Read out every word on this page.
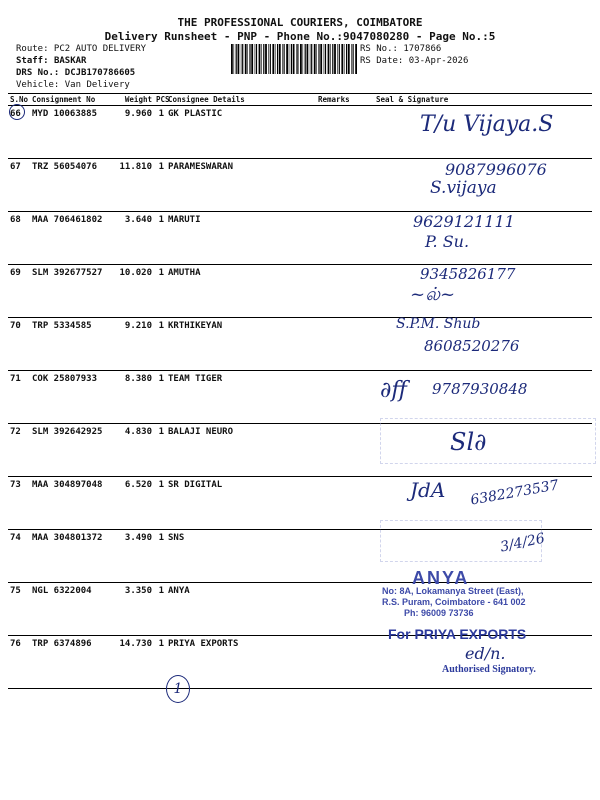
THE PROFESSIONAL COURIERS, COIMBATORE
Delivery Runsheet - PNP - Phone No.:9047080280 - Page No.:5
Route: PC2 AUTO DELIVERY
Staff: BASKAR
DRS No.: DCJB170786605
Vehicle: Van Delivery
RS No.: 1707866
RS Date: 03-Apr-2026
S.No	Consignment No	Weight	PCS	Consignee Details	Remarks	Seal & Signature
66	MYD 10063885	9.960	1	GK PLASTIC		
67	TRZ 56054076	11.810	1	PARAMESWARAN		
68	MAA 706461802	3.640	1	MARUTI		
69	SLM 392677527	10.020	1	AMUTHA		
70	TRP 5334585	9.210	1	KRTHIKEYAN		
71	COK 25807933	8.380	1	TEAM TIGER		
72	SLM 392642925	4.830	1	BALAJI NEURO		
73	MAA 304897048	6.520	1	SR DIGITAL		
74	MAA 304801372	3.490	1	SNS		
75	NGL 6322004	3.350	1	ANYA		
76	TRP 6374896	14.730	1	PRIYA EXPORTS		
T/u Vijaya.S
9087996076
S.vijaya
9629121111
P. Su.
9345826177
~ல்~
S.P.M. Shub
8608520276
∂ff 9787930848
Sl∂
JdA 6382273537
3/4/26
1
ANYA
No: 8A, Lokamanya Street (East),
R.S. Puram, Coimbatore - 641 002
Ph: 96009 73736
For PRIYA EXPORTS
ed/n.
Authorised Signatory.
